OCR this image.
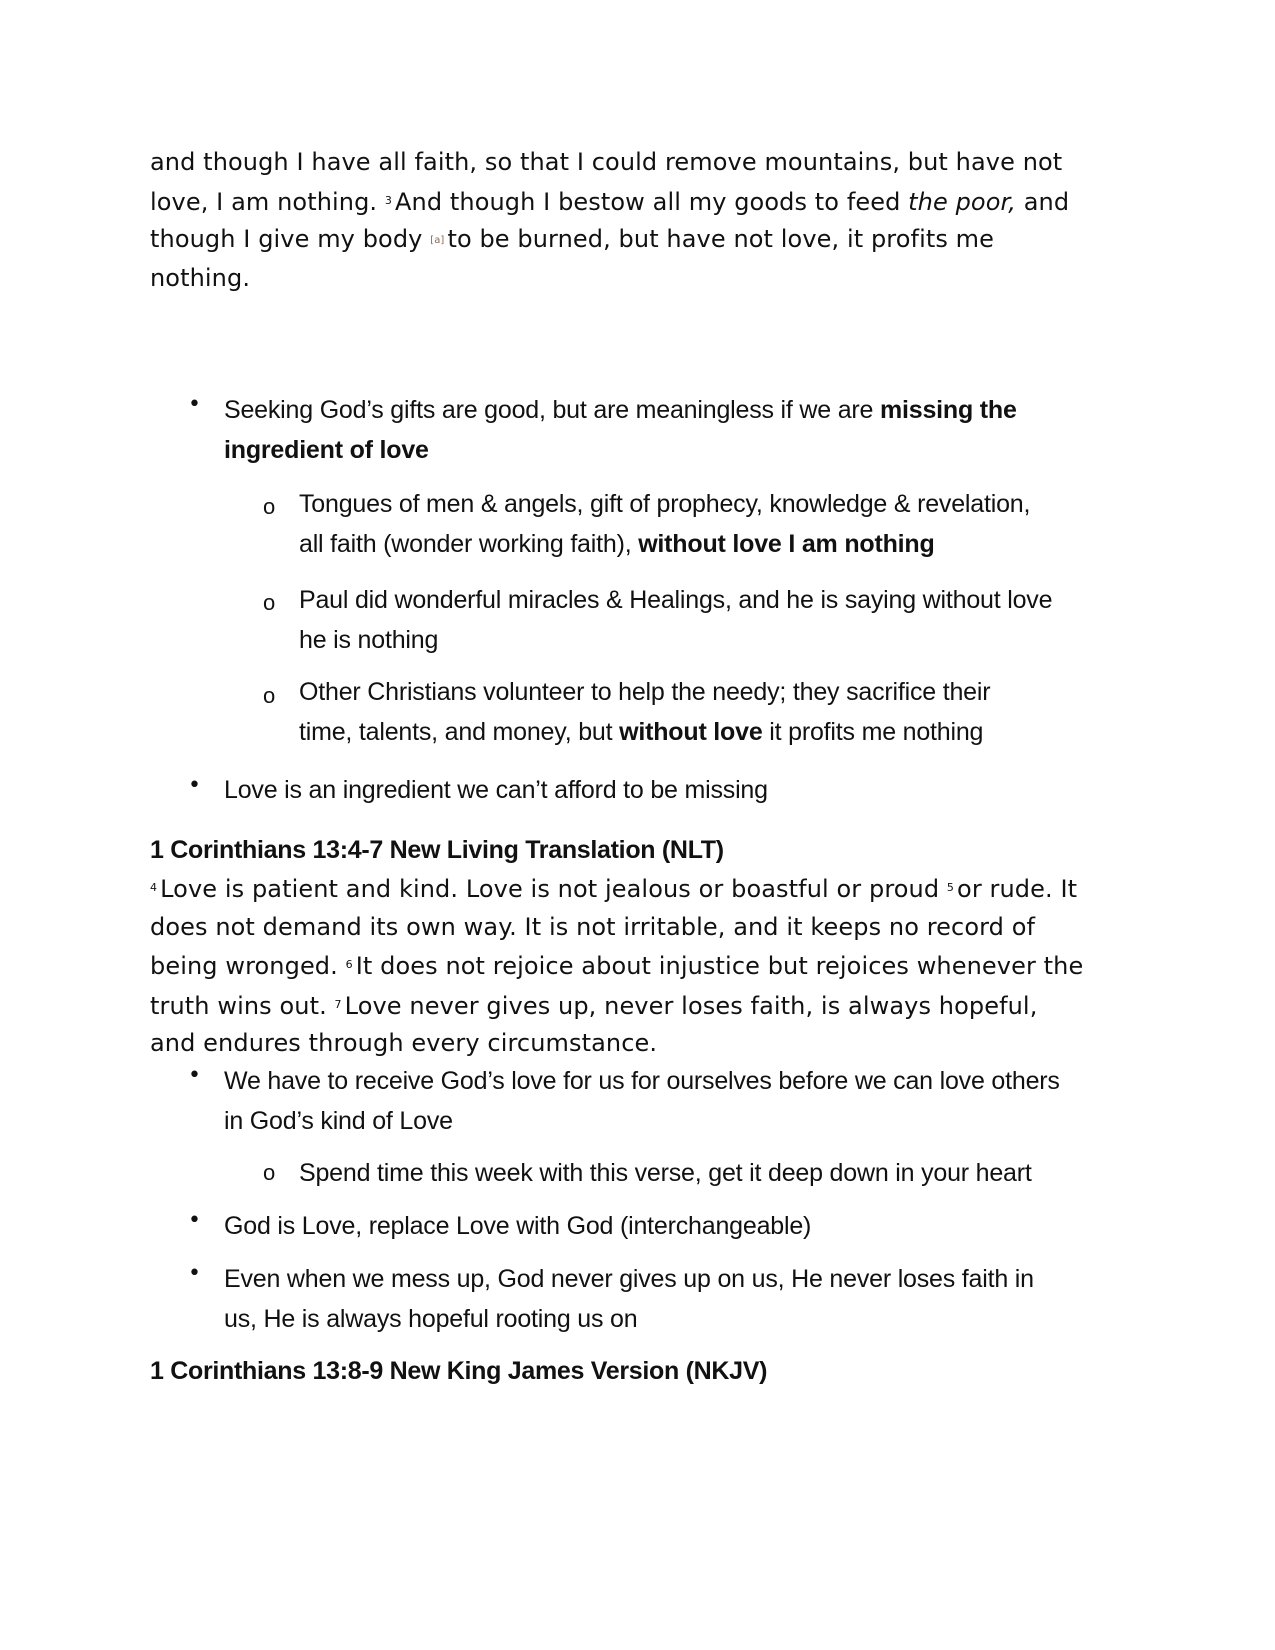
and though I have all faith, so that I could remove mountains, but have not
love, I am nothing. $^3$ And though I bestow all my goods to feed the poor, and
though I give my body [a] to be burned, but have not love, it profits me
nothing.
• Seeking God’s gifts are good, but are meaningless if we are missing the
ingredient of love
o Tongues of men & angels, gift of prophecy, knowledge & revelation,
all faith (wonder working faith), without love I am nothing
o Paul did wonderful miracles & Healings, and he is saying without love
he is nothing
o Other Christians volunteer to help the needy; they sacrifice their
time, talents, and money, but without love it profits me nothing
• Love is an ingredient we can’t afford to be missing
1 Corinthians 13:4-7 New Living Translation (NLT)
$^4$ Love is patient and kind. Love is not jealous or boastful or proud $^5$ or rude. It
does not demand its own way. It is not irritable, and it keeps no record of
being wronged. $^6$ It does not rejoice about injustice but rejoices whenever the
truth wins out. $^7$ Love never gives up, never loses faith, is always hopeful,
and endures through every circumstance.
• We have to receive God’s love for us for ourselves before we can love others
in God’s kind of Love
o Spend time this week with this verse, get it deep down in your heart
• God is Love, replace Love with God (interchangeable)
• Even when we mess up, God never gives up on us, He never loses faith in
us, He is always hopeful rooting us on
1 Corinthians 13:8-9 New King James Version (NKJV)
